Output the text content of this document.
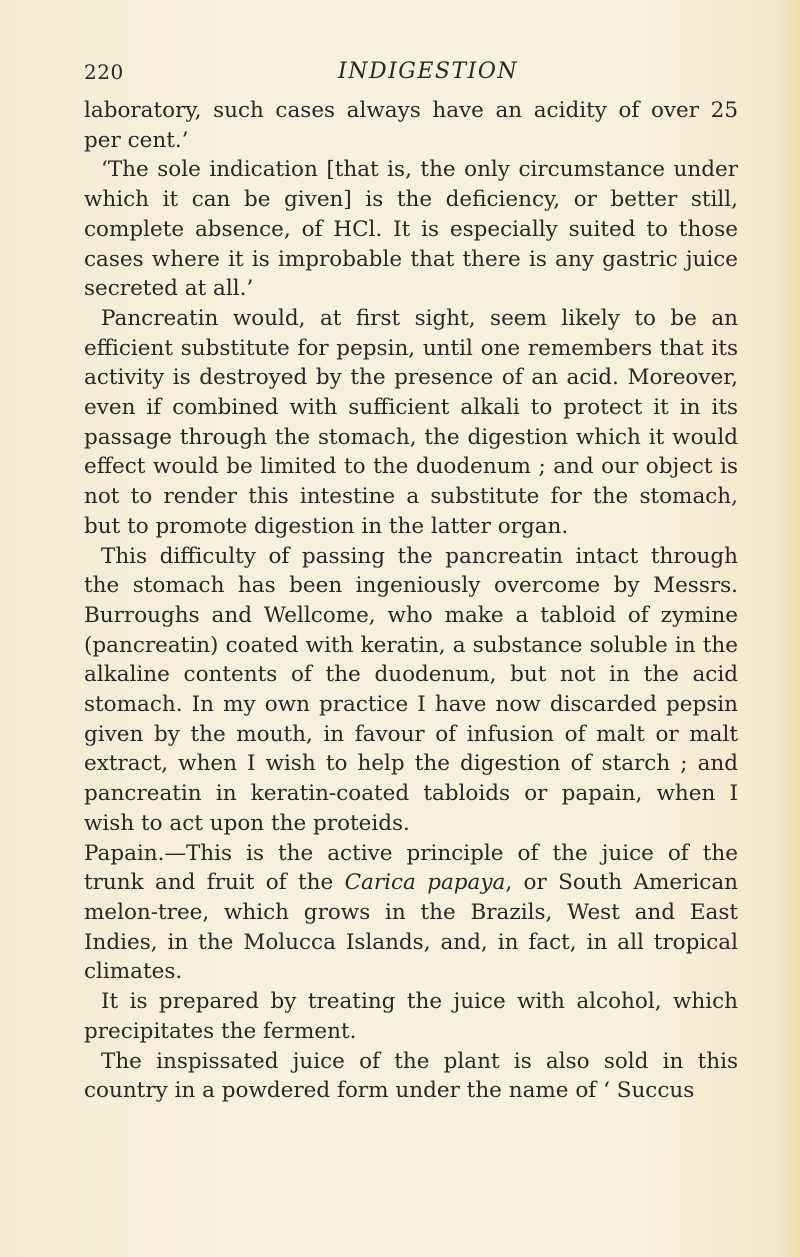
220	INDIGESTION

laboratory, such cases always have an acidity of over 25 per cent.’

‘The sole indication [that is, the only circumstance under which it can be given] is the deficiency, or better still, complete absence, of HCl. It is especially suited to those cases where it is improbable that there is any gastric juice secreted at all.’

Pancreatin would, at first sight, seem likely to be an efficient substitute for pepsin, until one remembers that its activity is destroyed by the presence of an acid. Moreover, even if combined with sufficient alkali to protect it in its passage through the stomach, the digestion which it would effect would be limited to the duodenum ; and our object is not to render this intestine a substitute for the stomach, but to promote digestion in the latter organ.

This difficulty of passing the pancreatin intact through the stomach has been ingeniously overcome by Messrs. Burroughs and Wellcome, who make a tabloid of zymine (pancreatin) coated with keratin, a substance soluble in the alkaline contents of the duodenum, but not in the acid stomach. In my own practice I have now discarded pepsin given by the mouth, in favour of infusion of malt or malt extract, when I wish to help the digestion of starch ; and pancreatin in keratin-coated tabloids or papain, when I wish to act upon the proteids.

Papain.—This is the active principle of the juice of the trunk and fruit of the Carica papaya, or South American melon-tree, which grows in the Brazils, West and East Indies, in the Molucca Islands, and, in fact, in all tropical climates.

It is prepared by treating the juice with alcohol, which precipitates the ferment.

The inspissated juice of the plant is also sold in this country in a powdered form under the name of ‘ Succus
